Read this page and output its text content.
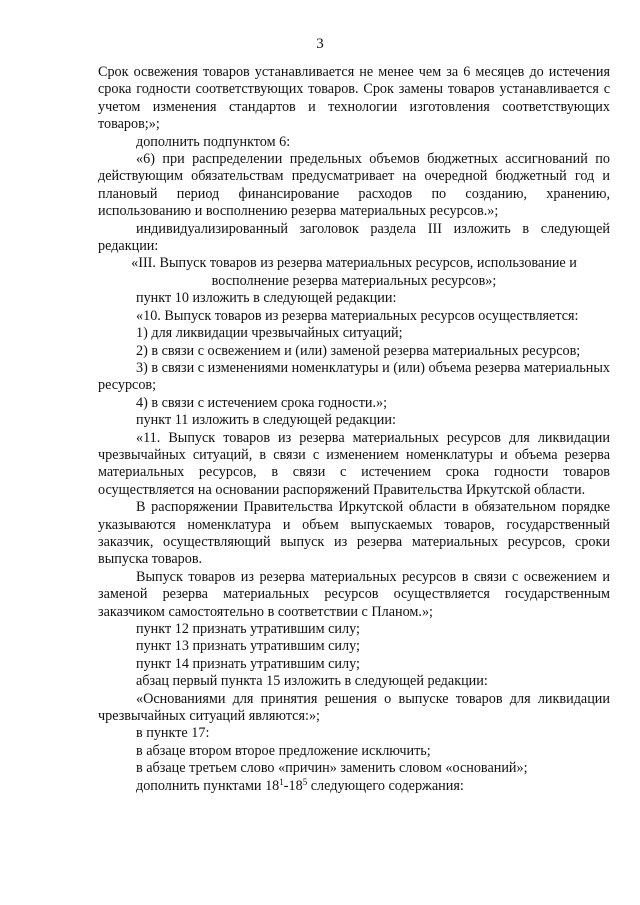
3

Срок освежения товаров устанавливается не менее чем за 6 месяцев до истечения срока годности соответствующих товаров. Срок замены товаров устанавливается с учетом изменения стандартов и технологии изготовления соответствующих товаров;»;

дополнить подпунктом 6:

«6) при распределении предельных объемов бюджетных ассигнований по действующим обязательствам предусматривает на очередной бюджетный год и плановый период финансирование расходов по созданию, хранению, использованию и восполнению резерва материальных ресурсов.»;

индивидуализированный заголовок раздела III изложить в следующей редакции:

«III. Выпуск товаров из резерва материальных ресурсов, использование и восполнение резерва материальных ресурсов»;

пункт 10 изложить в следующей редакции:

«10. Выпуск товаров из резерва материальных ресурсов осуществляется:

1) для ликвидации чрезвычайных ситуаций;

2) в связи с освежением и (или) заменой резерва материальных ресурсов;

3) в связи с изменениями номенклатуры и (или) объема резерва материальных ресурсов;

4) в связи с истечением срока годности.»;

пункт 11 изложить в следующей редакции:

«11. Выпуск товаров из резерва материальных ресурсов для ликвидации чрезвычайных ситуаций, в связи с изменением номенклатуры и объема резерва материальных ресурсов, в связи с истечением срока годности товаров осуществляется на основании распоряжений Правительства Иркутской области.

В распоряжении Правительства Иркутской области в обязательном порядке указываются номенклатура и объем выпускаемых товаров, государственный заказчик, осуществляющий выпуск из резерва материальных ресурсов, сроки выпуска товаров.

Выпуск товаров из резерва материальных ресурсов в связи с освежением и заменой резерва материальных ресурсов осуществляется государственным заказчиком самостоятельно в соответствии с Планом.»;

пункт 12 признать утратившим силу;

пункт 13 признать утратившим силу;

пункт 14 признать утратившим силу;

абзац первый пункта 15 изложить в следующей редакции:

«Основаниями для принятия решения о выпуске товаров для ликвидации чрезвычайных ситуаций являются:»;

в пункте 17:

в абзаце втором второе предложение исключить;

в абзаце третьем слово «причин» заменить словом «оснований»;

дополнить пунктами $18^1-18^5$ следующего содержания:
